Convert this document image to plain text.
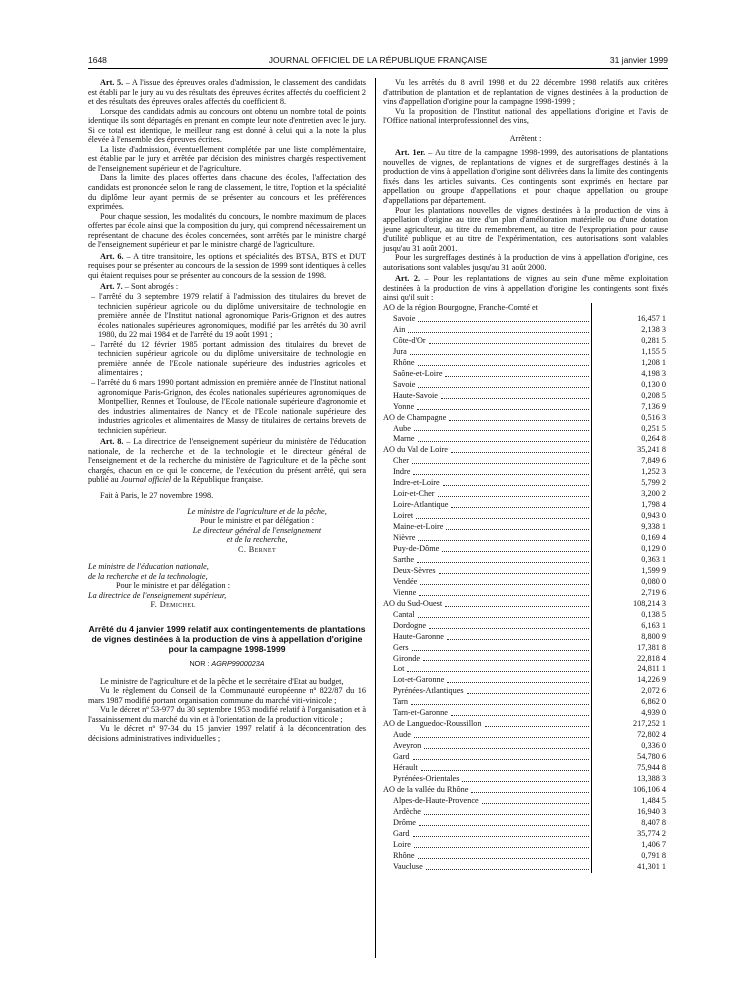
1648	JOURNAL OFFICIEL DE LA RÉPUBLIQUE FRANÇAISE	31 janvier 1999

Art. 5. – A l'issue des épreuves orales d'admission, le classement des candidats est établi par le jury au vu des résultats des épreuves écrites affectés du coefficient 2 et des résultats des épreuves orales affectés du coefficient 8.

Lorsque des candidats admis au concours ont obtenu un nombre total de points identique ils sont départagés en prenant en compte leur note d'entretien avec le jury. Si ce total est identique, le meilleur rang est donné à celui qui a la note la plus élevée à l'ensemble des épreuves écrites.

La liste d'admission, éventuellement complétée par une liste complémentaire, est établie par le jury et arrêtée par décision des ministres chargés respectivement de l'enseignement supérieur et de l'agriculture.

Dans la limite des places offertes dans chacune des écoles, l'affectation des candidats est prononcée selon le rang de classement, le titre, l'option et la spécialité du diplôme leur ayant permis de se présenter au concours et les préférences exprimées.

Pour chaque session, les modalités du concours, le nombre maximum de places offertes par école ainsi que la composition du jury, qui comprend nécessairement un représentant de chacune des écoles concernées, sont arrêtés par le ministre chargé de l'enseignement supérieur et par le ministre chargé de l'agriculture.

Art. 6. – A titre transitoire, les options et spécialités des BTSA, BTS et DUT requises pour se présenter au concours de la session de 1999 sont identiques à celles qui étaient requises pour se présenter au concours de la session de 1998.

Art. 7. – Sont abrogés :

– l'arrêté du 3 septembre 1979 relatif à l'admission des titulaires du brevet de technicien supérieur agricole ou du diplôme universitaire de technologie en première année de l'Institut national agronomique Paris-Grignon et des autres écoles nationales supérieures agronomiques, modifié par les arrêtés du 30 avril 1980, du 22 mai 1984 et de l'arrêté du 19 août 1991 ;
– l'arrêté du 12 février 1985 portant admission des titulaires du brevet de technicien supérieur agricole ou du diplôme universitaire de technologie en première année de l'Ecole nationale supérieure des industries agricoles et alimentaires ;
– l'arrêté du 6 mars 1990 portant admission en première année de l'Institut national agronomique Paris-Grignon, des écoles nationales supérieures agronomiques de Montpellier, Rennes et Toulouse, de l'Ecole nationale supérieure d'agronomie et des industries alimentaires de Nancy et de l'Ecole nationale supérieure des industries agricoles et alimentaires de Massy de titulaires de certains brevets de technicien supérieur.

Art. 8. – La directrice de l'enseignement supérieur du ministère de l'éducation nationale, de la recherche et de la technologie et le directeur général de l'enseignement et de la recherche du ministère de l'agriculture et de la pêche sont chargés, chacun en ce qui le concerne, de l'exécution du présent arrêté, qui sera publié au Journal officiel de la République française.

Fait à Paris, le 27 novembre 1998.

Le ministre de l'agriculture et de la pêche,
Pour le ministre et par délégation :
Le directeur général de l'enseignement
et de la recherche,
C. Bernet
Le ministre de l'éducation nationale,
de la recherche et de la technologie,
Pour le ministre et par délégation :
La directrice de l'enseignement supérieur,
F. Demichel
Arrêté du 4 janvier 1999 relatif aux contingentements de plantations de vignes destinées à la production de vins à appellation d'origine pour la campagne 1998-1999
NOR : AGRP9900023A

Le ministre de l'agriculture et de la pêche et le secrétaire d'Etat au budget,

Vu le règlement du Conseil de la Communauté européenne nº 822/87 du 16 mars 1987 modifié portant organisation commune du marché viti-vinicole ;

Vu le décret nº 53-977 du 30 septembre 1953 modifié relatif à l'organisation et à l'assainissement du marché du vin et à l'orientation de la production viticole ;

Vu le décret nº 97-34 du 15 janvier 1997 relatif à la déconcentration des décisions administratives individuelles ;

Vu les arrêtés du 8 avril 1998 et du 22 décembre 1998 relatifs aux critères d'attribution de plantation et de replantation de vignes destinées à la production de vins d'appellation d'origine pour la campagne 1998-1999 ;

Vu la proposition de l'Institut national des appellations d'origine et l'avis de l'Office national interprofessionnel des vins,

Arrêtent :

Art. 1er. – Au titre de la campagne 1998-1999, des autorisations de plantations nouvelles de vignes, de replantations de vignes et de surgreffages destinés à la production de vins à appellation d'origine sont délivrées dans la limite des contingents fixés dans les articles suivants. Ces contingents sont exprimés en hectare par appellation ou groupe d'appellations et pour chaque appellation ou groupe d'appellations par département.

Pour les plantations nouvelles de vignes destinées à la production de vins à appellation d'origine au titre d'un plan d'amélioration matérielle ou d'une dotation jeune agriculteur, au titre du remembrement, au titre de l'expropriation pour cause d'utilité publique et au titre de l'expérimentation, ces autorisations sont valables jusqu'au 31 août 2001.

Pour les surgreffages destinés à la production de vins à appellation d'origine, ces autorisations sont valables jusqu'au 31 août 2000.

Art. 2. – Pour les replantations de vignes au sein d'une même exploitation destinées à la production de vins à appellation d'origine les contingents sont fixés ainsi qu'il suit :

AO de la région Bourgogne, Franche-Comté et	

Savoie	16,457 1

Ain	2,138 3

Côte-d'Or	0,281 5

Jura	1,155 5

Rhône	1,208 1

Saône-et-Loire	4,198 3

Savoie	0,130 0

Haute-Savoie	0,208 5

Yonne	7,136 9

AO de Champagne	0,516 3

Aube	0,251 5

Marne	0,264 8

AO du Val de Loire	35,241 8

Cher	7,849 6

Indre	1,252 3

Indre-et-Loire	5,799 2

Loir-et-Cher	3,200 2

Loire-Atlantique	1,798 4

Loiret	0,943 0

Maine-et-Loire	9,338 1

Nièvre	0,169 4

Puy-de-Dôme	0,129 0

Sarthe	0,363 1

Deux-Sèvres	1,599 9

Vendée	0,080 0

Vienne	2,719 6

AO du Sud-Ouest	108,214 3

Cantal	0,138 5

Dordogne	6,163 1

Haute-Garonne	8,800 9

Gers	17,381 8

Gironde	22,818 4

Lot	24,811 1

Lot-et-Garonne	14,226 9

Pyrénées-Atlantiques	2,072 6

Tarn	6,862 0

Tarn-et-Garonne	4,939 0

AO de Languedoc-Roussillon	217,252 1

Aude	72,802 4

Aveyron	0,336 0

Gard	54,780 6

Hérault	75,944 8

Pyrénées-Orientales	13,388 3

AO de la vallée du Rhône	106,106 4

Alpes-de-Haute-Provence	1,484 5

Ardèche	16,940 3

Drôme	8,407 8

Gard	35,774 2

Loire	1,406 7

Rhône	0,791 8

Vaucluse	41,301 1
